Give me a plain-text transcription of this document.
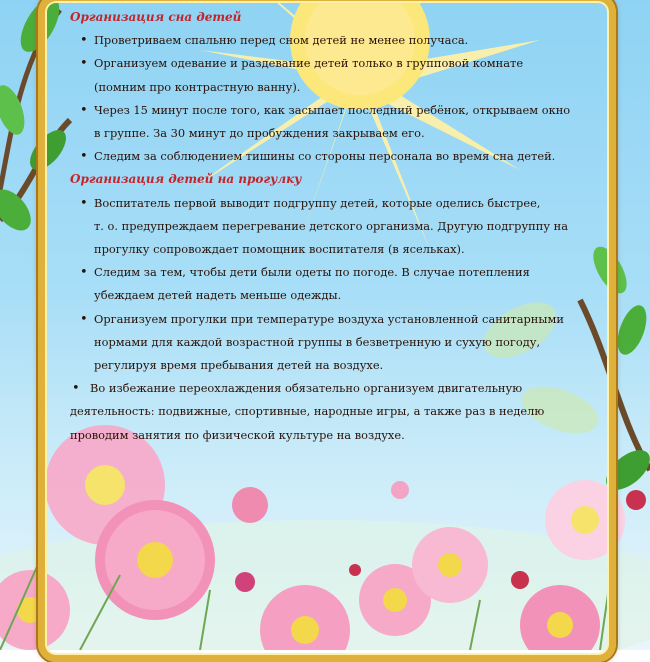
Организация сна детей
• Проветриваем спальню перед сном детей не менее получаса.
• Организуем одевание и раздевание детей только в групповой комнате
(помним про контрастную ванну).
• Через 15 минут после того, как засыпает последний ребёнок, открываем окно
в группе. За 30 минут до пробуждения закрываем его.
• Следим за соблюдением тишины со стороны персонала во время сна детей.
Организация детей на прогулку
• Воспитатель первой выводит подгруппу детей, которые оделись быстрее,
т. о. предупреждаем перегревание детского организма. Другую подгруппу на
прогулку сопровождает помощник воспитателя (в ясельках).
• Следим за тем, чтобы дети были одеты по погоде. В случае потепления
убеждаем детей надеть меньше одежды.
• Организуем прогулки при температуре воздуха установленной санитарными
нормами для каждой возрастной группы в безветренную и сухую погоду,
регулируя время пребывания детей на воздухе.
• Во избежание переохлаждения обязательно организуем двигательную
деятельность: подвижные, спортивные, народные игры, а также раз в неделю
проводим занятия по физической культуре на воздухе.
